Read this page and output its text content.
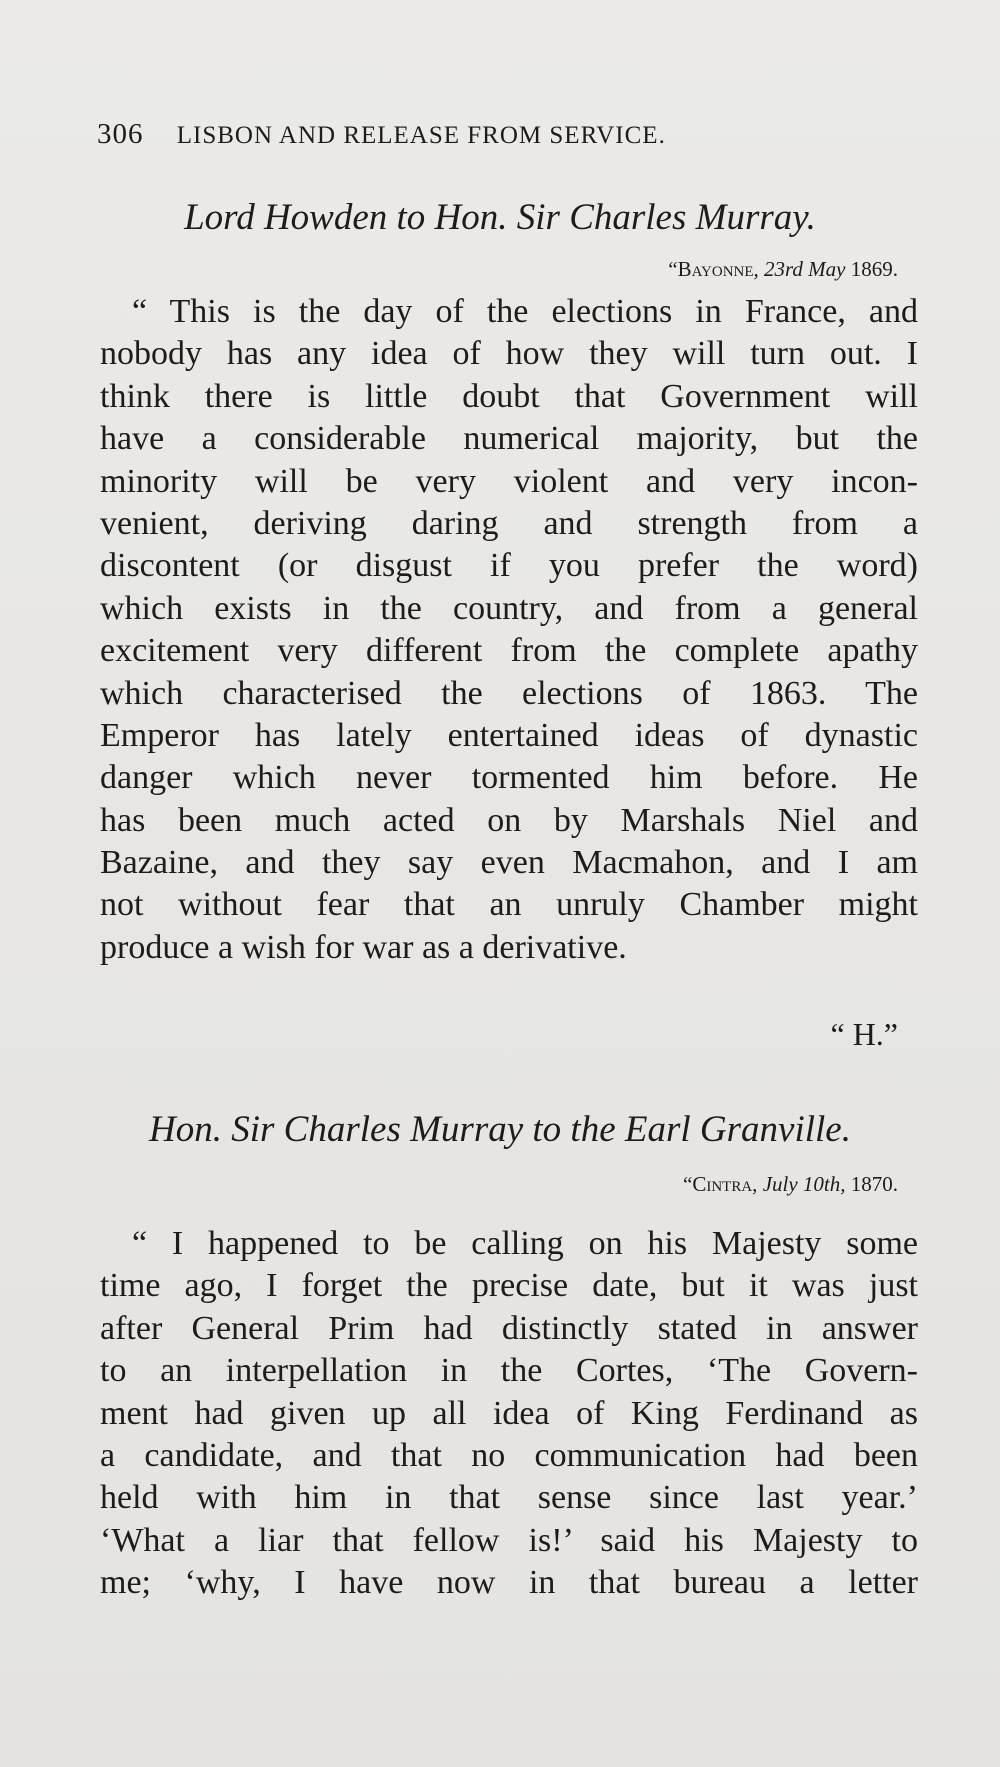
306 LISBON AND RELEASE FROM SERVICE.
Lord Howden to Hon. Sir Charles Murray.
“Bayonne, 23rd May 1869.
“ This is the day of the elections in France, and
nobody has any idea of how they will turn out. I
think there is little doubt that Government will
have a considerable numerical majority, but the
minority will be very violent and very incon-
venient, deriving daring and strength from a
discontent (or disgust if you prefer the word)
which exists in the country, and from a general
excitement very different from the complete apathy
which characterised the elections of 1863. The
Emperor has lately entertained ideas of dynastic
danger which never tormented him before. He
has been much acted on by Marshals Niel and
Bazaine, and they say even Macmahon, and I am
not without fear that an unruly Chamber might
produce a wish for war as a derivative.
“ H.”
Hon. Sir Charles Murray to the Earl Granville.
“Cintra, July 10th, 1870.
“ I happened to be calling on his Majesty some
time ago, I forget the precise date, but it was just
after General Prim had distinctly stated in answer
to an interpellation in the Cortes, ‘The Govern-
ment had given up all idea of King Ferdinand as
a candidate, and that no communication had been
held with him in that sense since last year.’
‘What a liar that fellow is!’ said his Majesty to
me; ‘why, I have now in that bureau a letter
